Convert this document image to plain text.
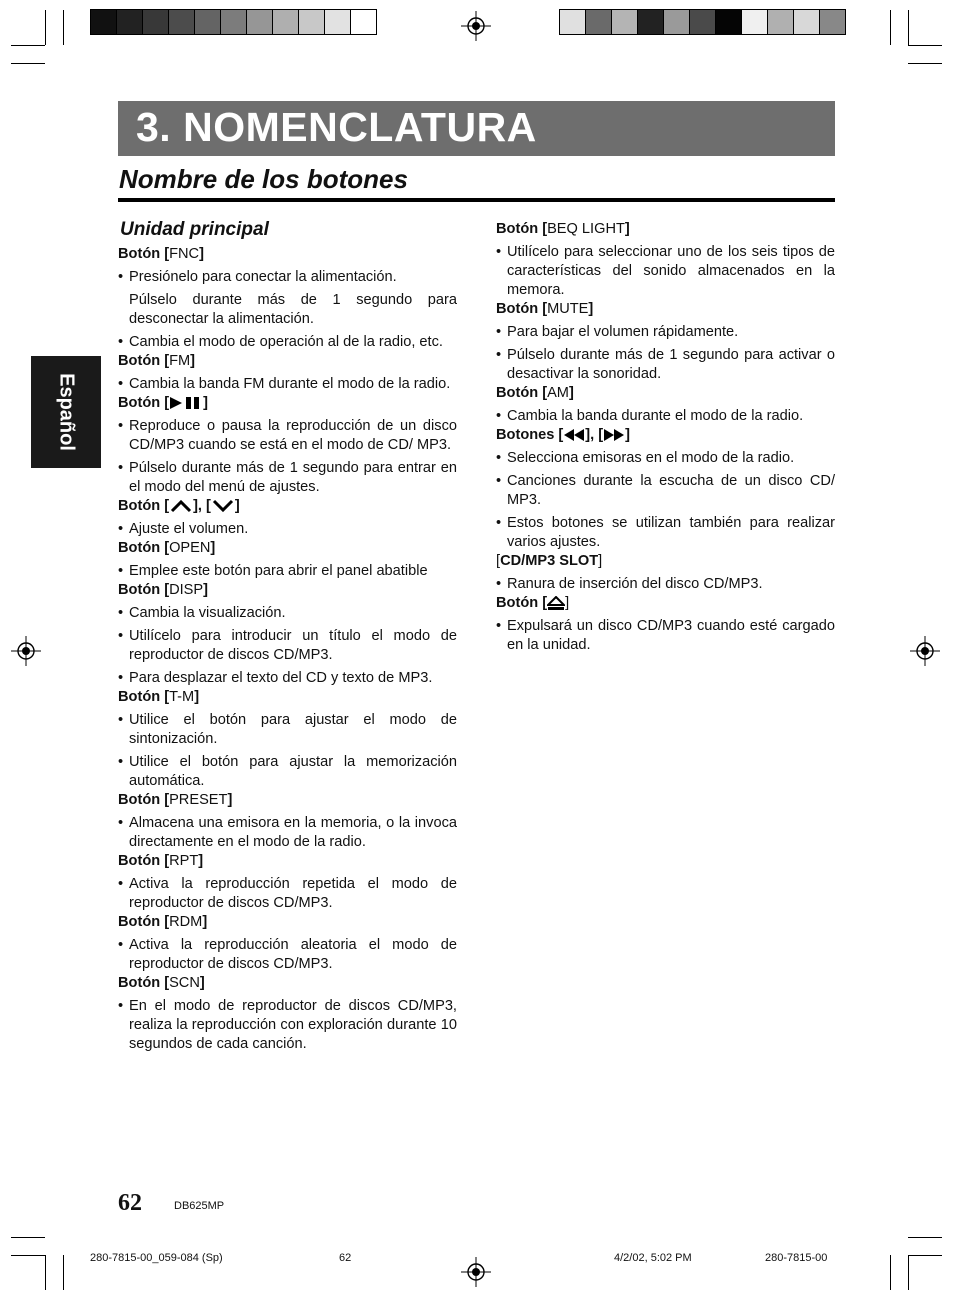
3. NOMENCLATURA
Nombre de los botones
Español
Unidad principal
Botón [FNC]
• Presiónelo para conectar la alimentación.
Púlselo durante más de 1 segundo para desconectar la alimentación.
• Cambia el modo de operación al de la radio, etc.
Botón [FM]
• Cambia la banda FM durante el modo de la radio.
Botón [ ]
• Reproduce o pausa la reproducción de un disco CD/MP3 cuando se está en el modo de CD/ MP3.
• Púlselo durante más de 1 segundo para entrar en el modo del menú de ajustes.
Botón [ ], [ ]
• Ajuste el volumen.
Botón [OPEN]
• Emplee este botón para abrir el panel abatible
Botón [DISP]
• Cambia la visualización.
• Utilícelo para introducir un título el modo de reproductor de discos CD/MP3.
• Para desplazar el texto del CD y texto de MP3.
Botón [T-M]
• Utilice el botón para ajustar el modo de sintonización.
• Utilice el botón para ajustar la memorización automática.
Botón [PRESET]
• Almacena una emisora en la memoria, o la invoca directamente en el modo de la radio.
Botón [RPT]
• Activa la reproducción repetida el modo de reproductor de discos CD/MP3.
Botón [RDM]
• Activa la reproducción aleatoria el modo de reproductor de discos CD/MP3.
Botón [SCN]
• En el modo de reproductor de discos CD/MP3, realiza la reproducción con exploración durante 10 segundos de cada canción.
Botón [BEQ LIGHT]
• Utilícelo para seleccionar uno de los seis tipos de características del sonido almacenados en la memora.
Botón [MUTE]
• Para bajar el volumen rápidamente.
• Púlselo durante más de 1 segundo para activar o desactivar la sonoridad.
Botón [AM]
• Cambia la banda durante el modo de la radio.
Botones [ ], [ ]
• Selecciona emisoras en el modo de la radio.
• Canciones durante la escucha de un disco CD/ MP3.
• Estos botones se utilizan también para realizar varios ajustes.
[CD/MP3 SLOT]
• Ranura de inserción del disco CD/MP3.
Botón [ ]
• Expulsará un disco CD/MP3 cuando esté cargado en la unidad.
62	DB625MP
280-7815-00_059-084 (Sp)	62	4/2/02, 5:02 PM	280-7815-00
